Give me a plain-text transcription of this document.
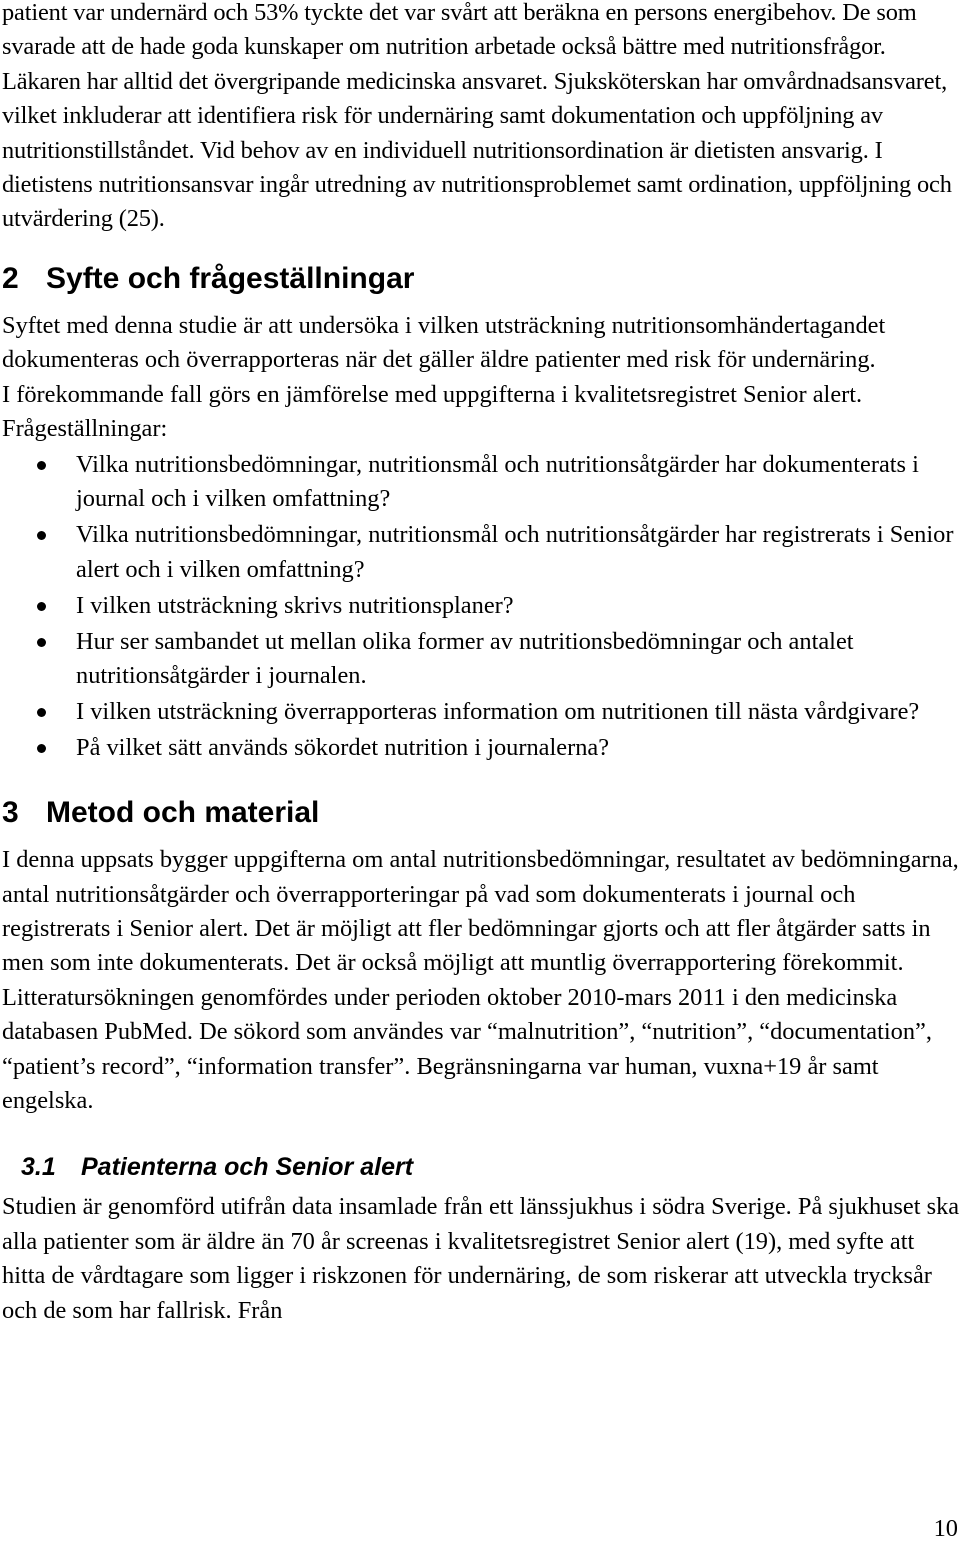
patient var undernärd och 53% tyckte det var svårt att beräkna en persons energibehov. De som svarade att de hade goda kunskaper om nutrition arbetade också bättre med nutritionsfrågor. Läkaren har alltid det övergripande medicinska ansvaret. Sjuksköterskan har omvårdnadsansvaret, vilket inkluderar att identifiera risk för undernäring samt dokumentation och uppföljning av nutritionstillståndet. Vid behov av en individuell nutritionsordination är dietisten ansvarig. I dietistens nutritionsansvar ingår utredning av nutritionsproblemet samt ordination, uppföljning och utvärdering (25).

2 Syfte och frågeställningar

Syftet med denna studie är att undersöka i vilken utsträckning nutritionsomhändertagandet dokumenteras och överrapporteras när det gäller äldre patienter med risk för undernäring.

I förekommande fall görs en jämförelse med uppgifterna i kvalitetsregistret Senior alert.

Frågeställningar:

Vilka nutritionsbedömningar, nutritionsmål och nutritionsåtgärder har dokumenterats i journal och i vilken omfattning?
Vilka nutritionsbedömningar, nutritionsmål och nutritionsåtgärder har registrerats i Senior alert och i vilken omfattning?
I vilken utsträckning skrivs nutritionsplaner?
Hur ser sambandet ut mellan olika former av nutritionsbedömningar och antalet nutritionsåtgärder i journalen.
I vilken utsträckning överrapporteras information om nutritionen till nästa vårdgivare?
På vilket sätt används sökordet nutrition i journalerna?
3 Metod och material

I denna uppsats bygger uppgifterna om antal nutritionsbedömningar, resultatet av bedömningarna, antal nutritionsåtgärder och överrapporteringar på vad som dokumenterats i journal och registrerats i Senior alert. Det är möjligt att fler bedömningar gjorts och att fler åtgärder satts in men som inte dokumenterats. Det är också möjligt att muntlig överrapportering förekommit.

Litteratursökningen genomfördes under perioden oktober 2010-mars 2011 i den medicinska databasen PubMed. De sökord som användes var “malnutrition”, “nutrition”, “documentation”, “patient’s record”, “information transfer”. Begränsningarna var human, vuxna+19 år samt engelska.

3.1 Patienterna och Senior alert

Studien är genomförd utifrån data insamlade från ett länssjukhus i södra Sverige. På sjukhuset ska alla patienter som är äldre än 70 år screenas i kvalitetsregistret Senior alert (19), med syfte att hitta de vårdtagare som ligger i riskzonen för undernäring, de som riskerar att utveckla trycksår och de som har fallrisk. Från

10
